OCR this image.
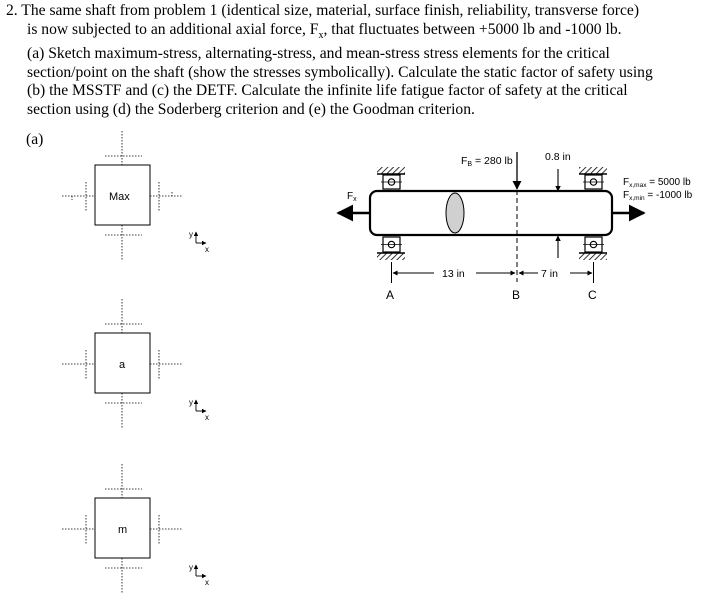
2. The same shaft from problem 1 (identical size, material, surface finish, reliability, transverse force)
is now subjected to an additional axial force, $F_x$, that fluctuates between +5000 lb and -1000 lb.
(a) Sketch maximum-stress, alternating-stress, and mean-stress stress elements for the critical
section/point on the shaft (show the stresses symbolically). Calculate the static factor of safety using
(b) the MSSTF and (c) the DETF. Calculate the infinite life fatigue factor of safety at the critical
section using (d) the Soderberg criterion and (e) the Goodman criterion.
(a)
Max
y
x
a
y
x
m
y
x
FB = 280 lb	0.8 in
$F_x$
$F_{x,max} = 5000$ lb
$F_{x,min} = -1000$ lb
13 in	7 in
A	B	C
